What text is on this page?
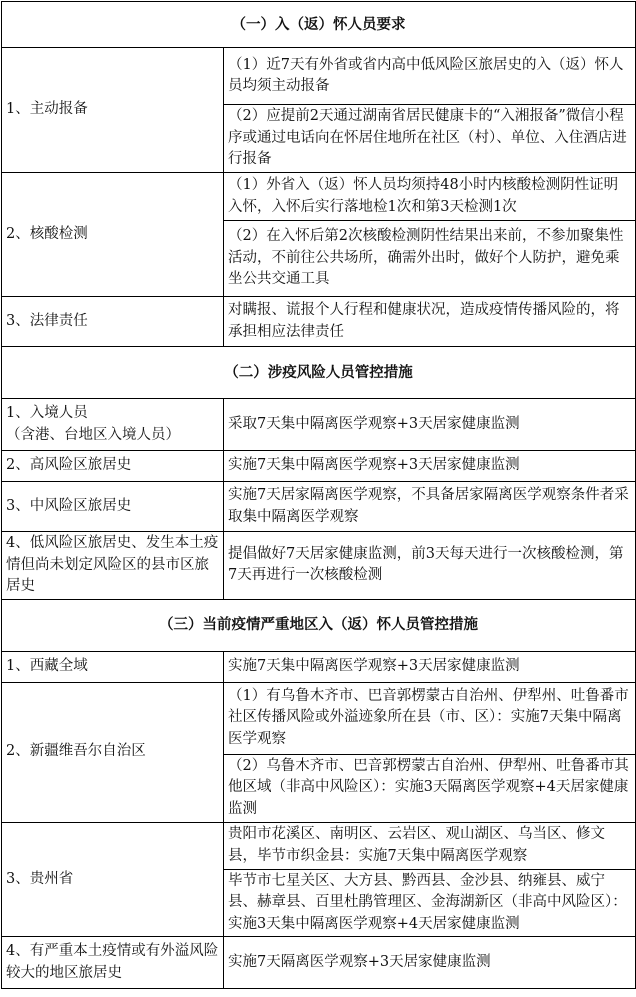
（一）入（返）怀人员要求	
1、主动报备	（1）近7天有外省或省内高中低风险区旅居史的入（返）怀人员均须主动报备
	（2）应提前2天通过湖南省居民健康卡的“入湘报备”微信小程序或通过电话向在怀居住地所在社区（村）、单位、入住酒店进行报备
2、核酸检测	（1）外省入（返）怀人员均须持48小时内核酸检测阴性证明入怀，入怀后实行落地检1次和第3天检测1次
	（2）在入怀后第2次核酸检测阴性结果出来前，不参加聚集性活动，不前往公共场所，确需外出时，做好个人防护，避免乘坐公共交通工具
3、法律责任	对瞒报、谎报个人行程和健康状况，造成疫情传播风险的，将承担相应法律责任
（二）涉疫风险人员管控措施	
1、入境人员
（含港、台地区入境人员）	采取7天集中隔离医学观察+3天居家健康监测
2、高风险区旅居史	实施7天集中隔离医学观察+3天居家健康监测
3、中风险区旅居史	实施7天居家隔离医学观察，不具备居家隔离医学观察条件者采取集中隔离医学观察
4、低风险区旅居史、发生本土疫情但尚未划定风险区的县市区旅居史	提倡做好7天居家健康监测，前3天每天进行一次核酸检测，第7天再进行一次核酸检测
（三）当前疫情严重地区入（返）怀人员管控措施	
1、西藏全域	实施7天集中隔离医学观察+3天居家健康监测
2、新疆维吾尔自治区	（1）有乌鲁木齐市、巴音郭楞蒙古自治州、伊犁州、吐鲁番市社区传播风险或外溢迹象所在县（市、区）：实施7天集中隔离医学观察
	（2）乌鲁木齐市、巴音郭楞蒙古自治州、伊犁州、吐鲁番市其他区域（非高中风险区）：实施3天隔离医学观察+4天居家健康监测
3、贵州省	贵阳市花溪区、南明区、云岩区、观山湖区、乌当区、修文县，毕节市织金县：实施7天集中隔离医学观察
	毕节市七星关区、大方县、黔西县、金沙县、纳雍县、威宁县、赫章县、百里杜鹃管理区、金海湖新区（非高中风险区）：实施3天集中隔离医学观察+4天居家健康监测
4、有严重本土疫情或有外溢风险较大的地区旅居史	实施7天隔离医学观察+3天居家健康监测
